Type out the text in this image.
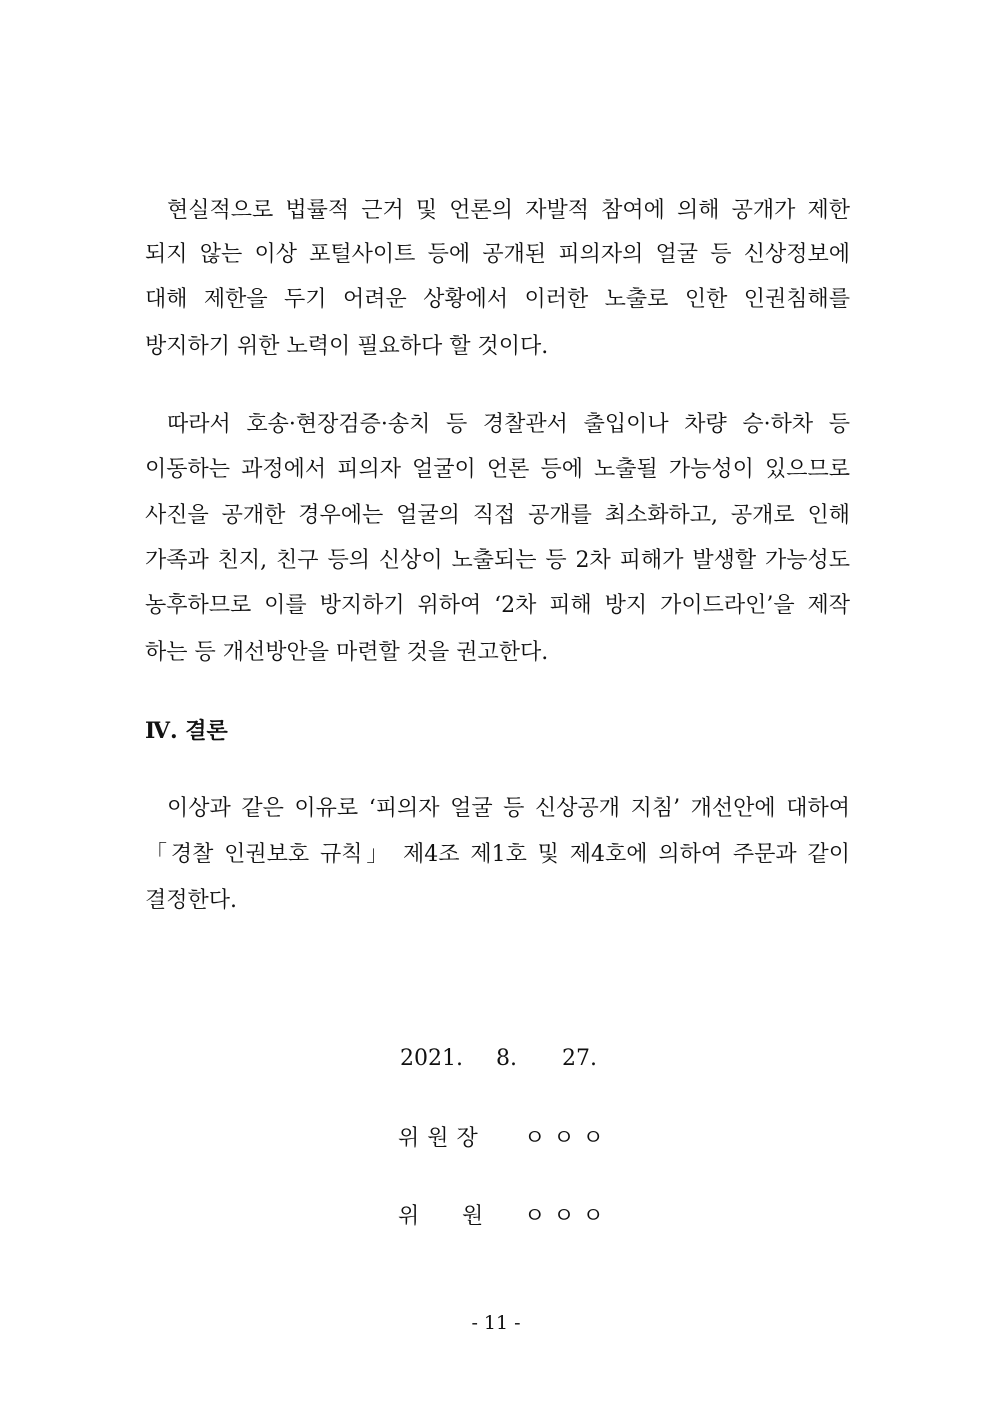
현실적으로 법률적 근거 및 언론의 자발적 참여에 의해 공개가 제한
되지 않는 이상 포털사이트 등에 공개된 피의자의 얼굴 등 신상정보에
대해 제한을 두기 어려운 상황에서 이러한 노출로 인한 인권침해를
방지하기 위한 노력이 필요하다 할 것이다.
따라서 호송·현장검증·송치 등 경찰관서 출입이나 차량 승·하차 등
이동하는 과정에서 피의자 얼굴이 언론 등에 노출될 가능성이 있으므로
사진을 공개한 경우에는 얼굴의 직접 공개를 최소화하고, 공개로 인해
가족과 친지, 친구 등의 신상이 노출되는 등 2차 피해가 발생할 가능성도
농후하므로 이를 방지하기 위하여 ‘2차 피해 방지 가이드라인’을 제작
하는 등 개선방안을 마련할 것을 권고한다.
Ⅳ. 결론
이상과 같은 이유로 ‘피의자 얼굴 등 신상공개 지침’ 개선안에 대하여
「경찰 인권보호 규칙」 제4조 제1호 및 제4호에 의하여 주문과 같이
결정한다.
2021. 8. 27.
위원장 ㅇㅇㅇ
위 원 ㅇㅇㅇ
- 11 -
